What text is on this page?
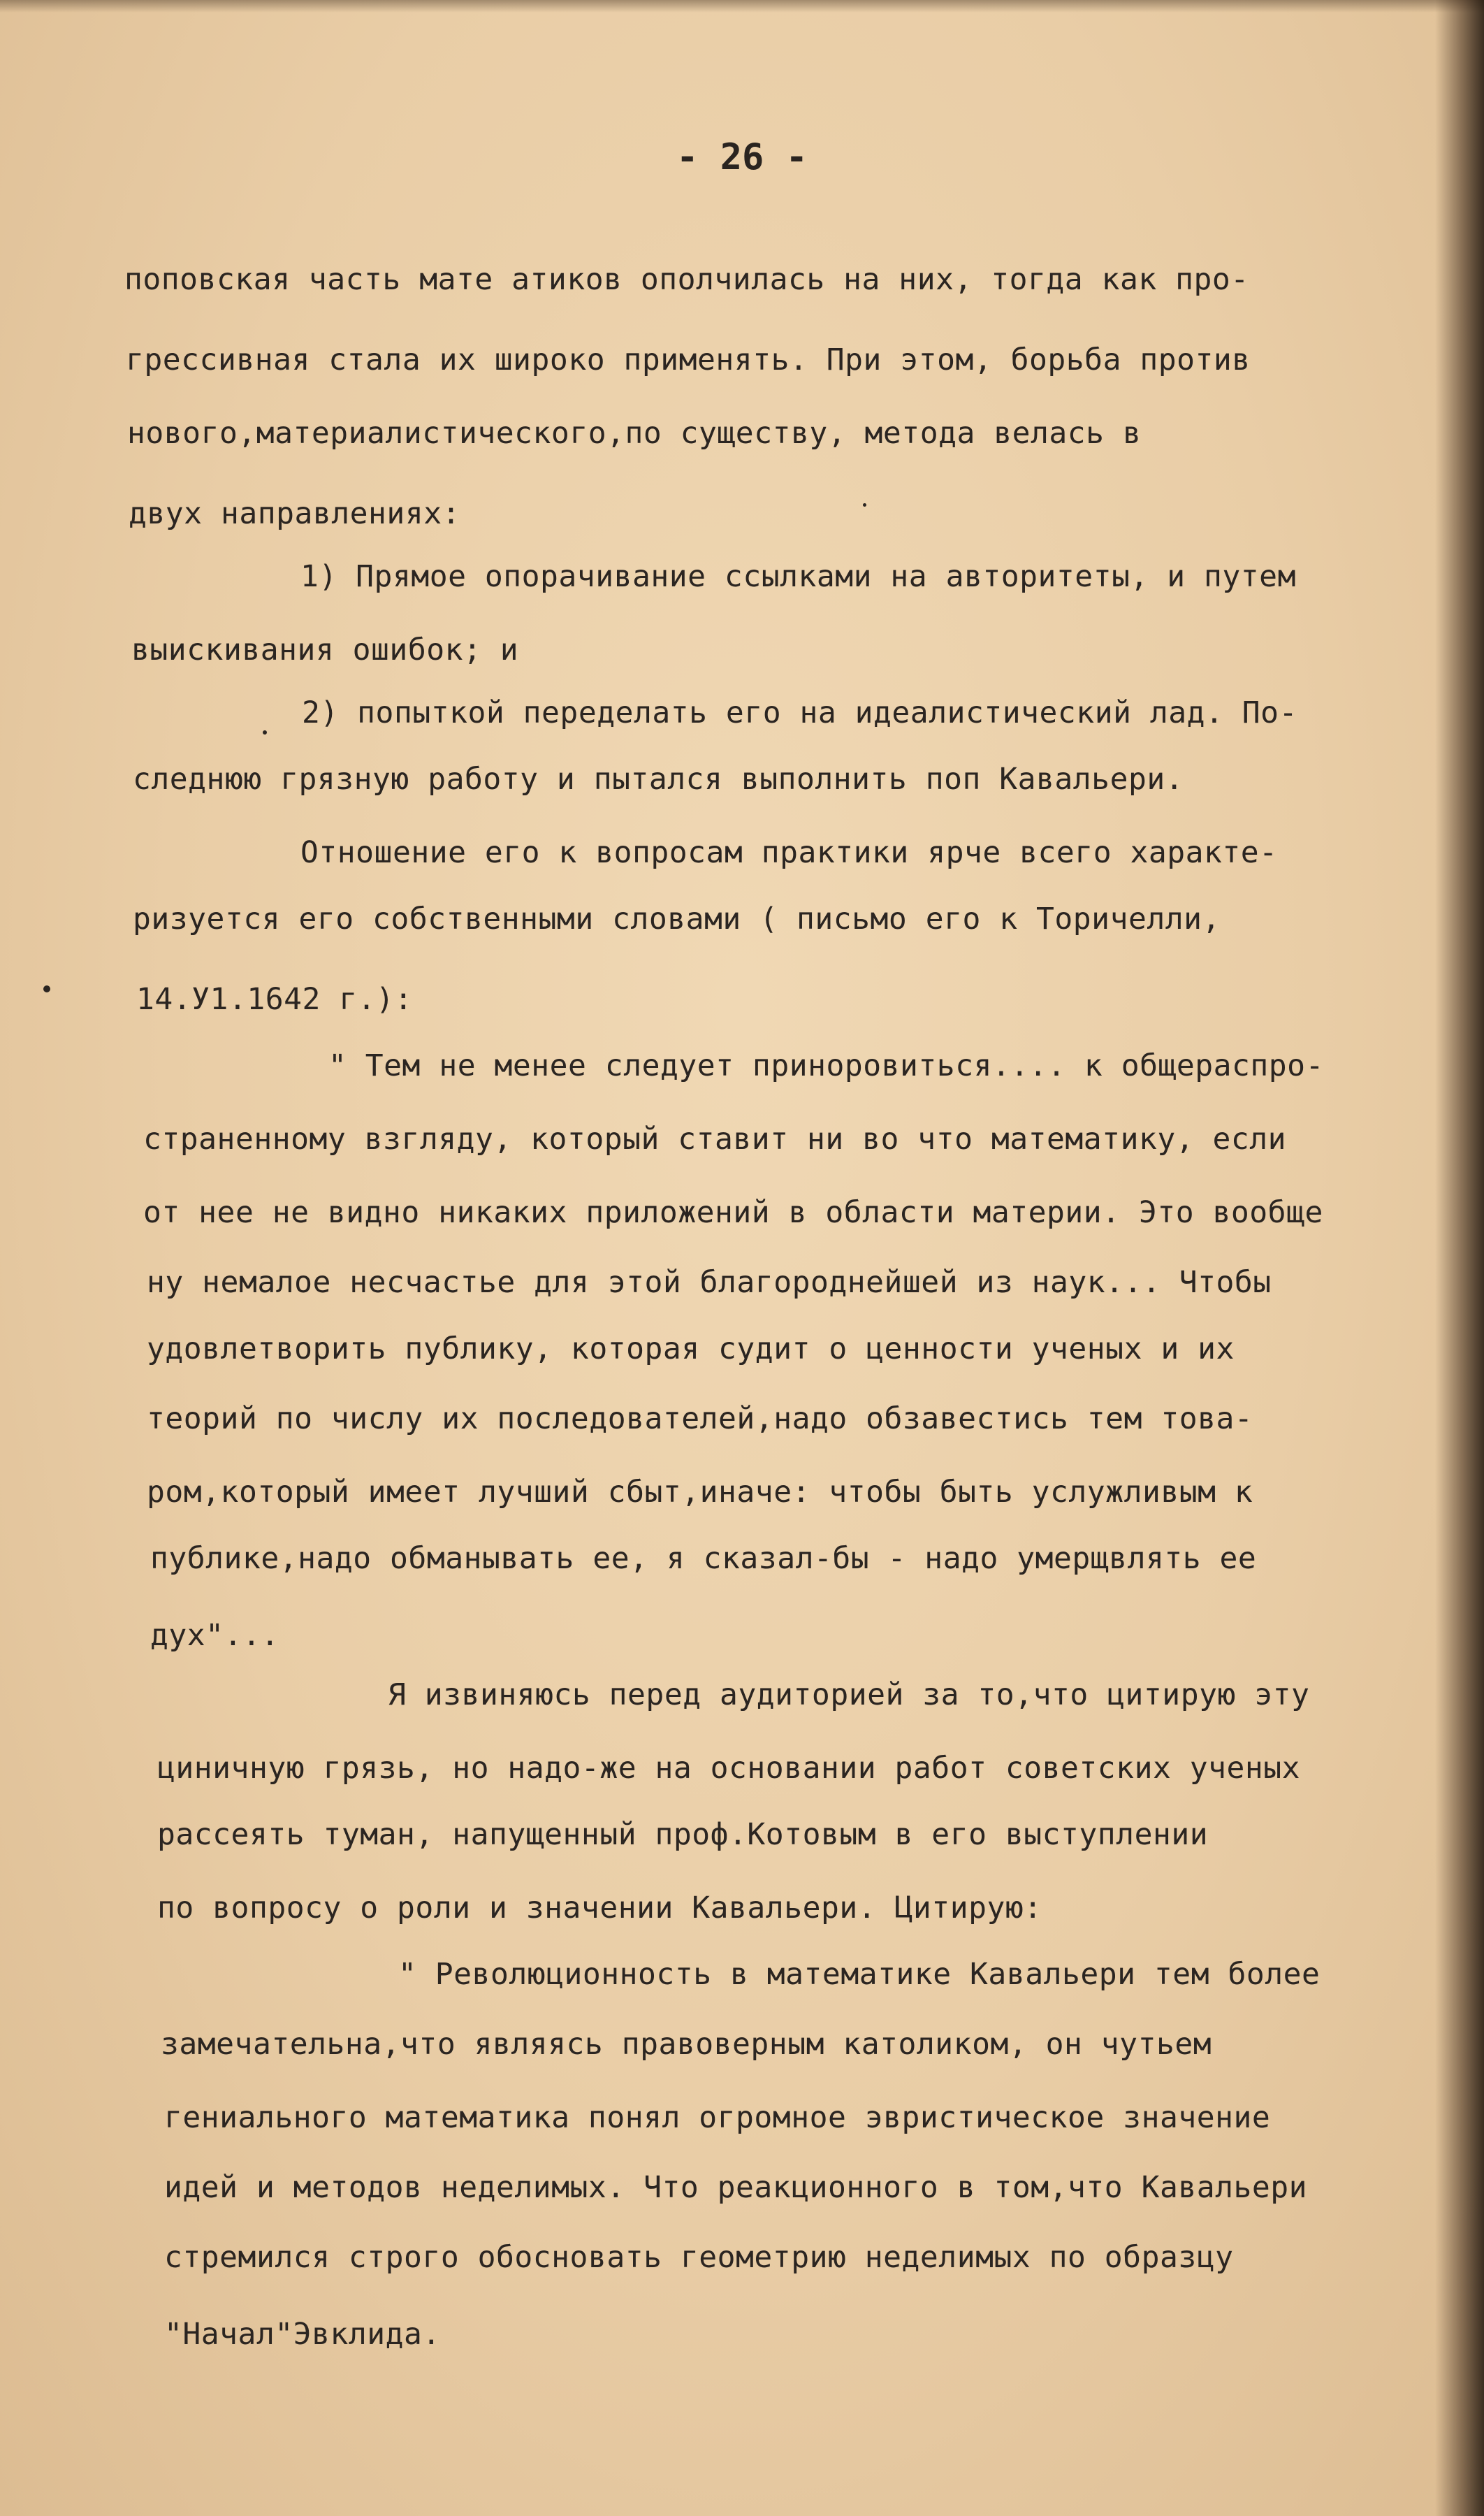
- 26 -
поповская часть мате атиков ополчилась на них, тогда как про-
грессивная стала их широко применять. При этом, борьба против
нового,материалистического,по существу, метода велась в
двух направлениях:
1) Прямое опорачивание ссылками на авторитеты, и путем
выискивания ошибок; и
2) попыткой переделать его на идеалистический лад. По-
следнюю грязную работу и пытался выполнить поп Кавальери.
Отношение его к вопросам практики ярче всего характе-
ризуется его собственными словами ( письмо его к Торичелли,
14.У1.1642 г.):
" Тем не менее следует приноровиться.... к общераспро-
страненному взгляду, который ставит ни во что математику, если
от нее не видно никаких приложений в области материи. Это вообще
ну немалое несчастье для этой благороднейшей из наук... Чтобы
удовлетворить публику, которая судит о ценности ученых и их
теорий по числу их последователей,надо обзавестись тем това-
ром,который имеет лучший сбыт,иначе: чтобы быть услужливым к
публике,надо обманывать ее, я сказал-бы - надо умерщвлять ее
дух"...
Я извиняюсь перед аудиторией за то,что цитирую эту
циничную грязь, но надо-же на основании работ советских ученых
рассеять туман, напущенный проф.Котовым в его выступлении
по вопросу о роли и значении Кавальери. Цитирую:
" Революционность в математике Кавальери тем более
замечательна,что являясь правоверным католиком, он чутьем
гениального математика понял огромное эвристическое значение
идей и методов неделимых. Что реакционного в том,что Кавальери
стремился строго обосновать геометрию неделимых по образцу
"Начал"Эвклида.
